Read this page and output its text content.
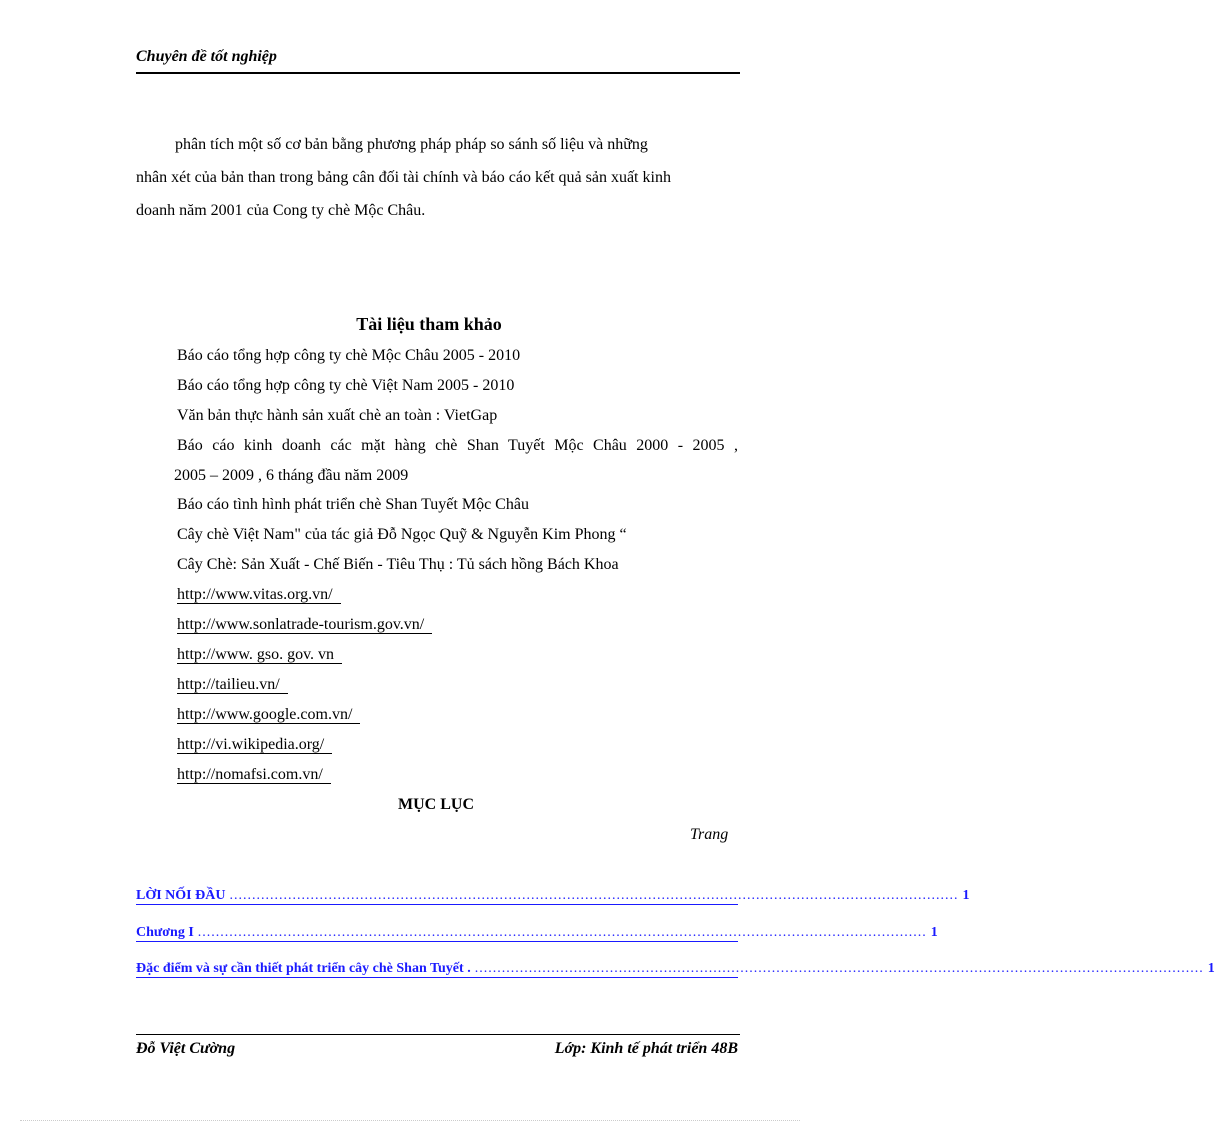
Chuyên đề tốt nghiệp

phân tích một số cơ bản bằng phương pháp pháp so sánh số liệu và những

nhân xét của bản than trong bảng cân đối tài chính và báo cáo kết quả sản xuất kinh

doanh năm 2001 của Cong ty chè Mộc Châu.

Tài liệu tham khảo
Báo cáo tổng hợp công ty chè Mộc Châu 2005 - 2010
Báo cáo tổng hợp công ty chè Việt Nam 2005 - 2010
Văn bản thực hành sản xuất chè an toàn : VietGap
Báo cáo kinh doanh các mặt hàng chè Shan Tuyết Mộc Châu 2000 - 2005 ,
2005 – 2009 , 6 tháng đầu năm 2009
Báo cáo tình hình phát triển chè Shan Tuyết Mộc Châu
Cây chè Việt Nam" của tác giả Đỗ Ngọc Quỹ & Nguyễn Kim Phong “
Cây Chè: Sản Xuất - Chế Biến - Tiêu Thụ : Tủ sách hồng Bách Khoa
http://www.vitas.org.vn/
http://www.sonlatrade-tourism.gov.vn/
http://www. gso. gov. vn
http://tailieu.vn/
http://www.google.com.vn/
http://vi.wikipedia.org/
http://nomafsi.com.vn/
MỤC LỤC
Trang
LỜI NỐI ĐẦU .................................................................................................................................................................. 1
Chương I .................................................................................................................................................................. 1
Đặc điểm và sự cần thiết phát triển cây chè Shan Tuyết . .................................................................................................................................................................. 1
Đỗ Việt Cường	Lớp: Kinh tế phát triển 48B
